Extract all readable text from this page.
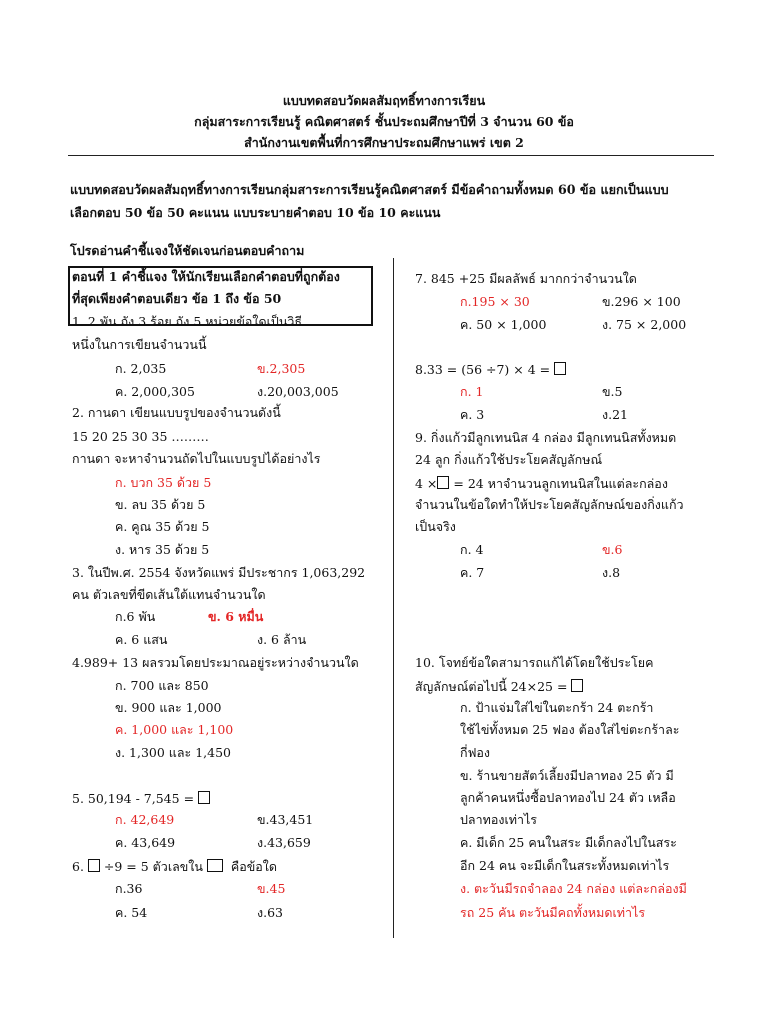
แบบทดสอบวัดผลสัมฤทธิ์ทางการเรียน
กลุ่มสาระการเรียนรู้ คณิตศาสตร์ ชั้นประถมศึกษาปีที่ 3 จำนวน 60 ข้อ
สำนักงานเขตพื้นที่การศึกษาประถมศึกษาแพร่ เขต 2
แบบทดสอบวัดผลสัมฤทธิ์ทางการเรียนกลุ่มสาระการเรียนรู้คณิตศาสตร์ มีข้อคำถามทั้งหมด 60 ข้อ แยกเป็นแบบ
เลือกตอบ 50 ข้อ 50 คะแนน แบบระบายคำตอบ 10 ข้อ 10 คะแนน
โปรดอ่านคำชี้แจงให้ชัดเจนก่อนตอบคำถาม
ตอนที่ 1 คำชี้แจง ให้นักเรียนเลือกคำตอบที่ถูกต้อง
ที่สุดเพียงคำตอบเดียว ข้อ 1 ถึง ข้อ 50
1. 2 พัน ถัง 3 ร้อย ถัง 5 หน่วยข้อใดเป็นวิธี
หนึ่งในการเขียนจำนวนนี้
ก. 2,035	ข.2,305
ค. 2,000,305	ง.20,003,005
2. กานดา เขียนแบบรูปของจำนวนดังนี้
15 20 25 30 35 ………
กานดา จะหาจำนวนถัดไปในแบบรูปได้อย่างไร
ก. บวก 35 ด้วย 5
ข. ลบ 35 ด้วย 5
ค. คูณ 35 ด้วย 5
ง. หาร 35 ด้วย 5
3. ในปีพ.ศ. 2554 จังหวัดแพร่ มีประชากร 1,063,292
คน ตัวเลขที่ขีดเส้นใต้แทนจำนวนใด
ก.6 พัน	ข. 6 หมื่น
ค. 6 แสน	ง. 6 ล้าน
4.989+ 13 ผลรวมโดยประมาณอยู่ระหว่างจำนวนใด
ก. 700 และ 850
ข. 900 และ 1,000
ค. 1,000 และ 1,100
ง. 1,300 และ 1,450
5. 50,194 - 7,545 =
ก. 42,649	ข.43,451
ค. 43,649	ง.43,659
6. ÷9 = 5 ตัวเลขใน คือข้อใด
ก.36	ข.45
ค. 54	ง.63
7. 845 +25 มีผลลัพธ์ มากกว่าจำนวนใด
ก.195 × 30	ข.296 × 100
ค. 50 × 1,000	ง. 75 × 2,000
8.33 = (56 ÷7) × 4 =
ก. 1	ข.5
ค. 3	ง.21
9. กิ่งแก้วมีลูกเทนนิส 4 กล่อง มีลูกเทนนิสทั้งหมด
24 ลูก กิ่งแก้วใช้ประโยคสัญลักษณ์
4 × = 24 หาจำนวนลูกเทนนิสในแต่ละกล่อง
จำนวนในข้อใดทำให้ประโยคสัญลักษณ์ของกิ่งแก้ว
เป็นจริง
ก. 4	ข.6
ค. 7	ง.8
10. โจทย์ข้อใดสามารถแก้ได้โดยใช้ประโยค
สัญลักษณ์ต่อไปนี้ 24×25 =
ก. ป้าแจ่มใส่ไข่ในตะกร้า 24 ตะกร้า
ใช้ไข่ทั้งหมด 25 ฟอง ต้องใส่ไข่ตะกร้าละ
กี่ฟอง
ข. ร้านขายสัตว์เลี้ยงมีปลาทอง 25 ตัว มี
ลูกค้าคนหนึ่งซื้อปลาทองไป 24 ตัว เหลือ
ปลาทองเท่าไร
ค. มีเด็ก 25 คนในสระ มีเด็กลงไปในสระ
อีก 24 คน จะมีเด็กในสระทั้งหมดเท่าไร
ง. ตะวันมีรถจำลอง 24 กล่อง แต่ละกล่องมี
รถ 25 คัน ตะวันมีคถทั้งหมดเท่าไร
